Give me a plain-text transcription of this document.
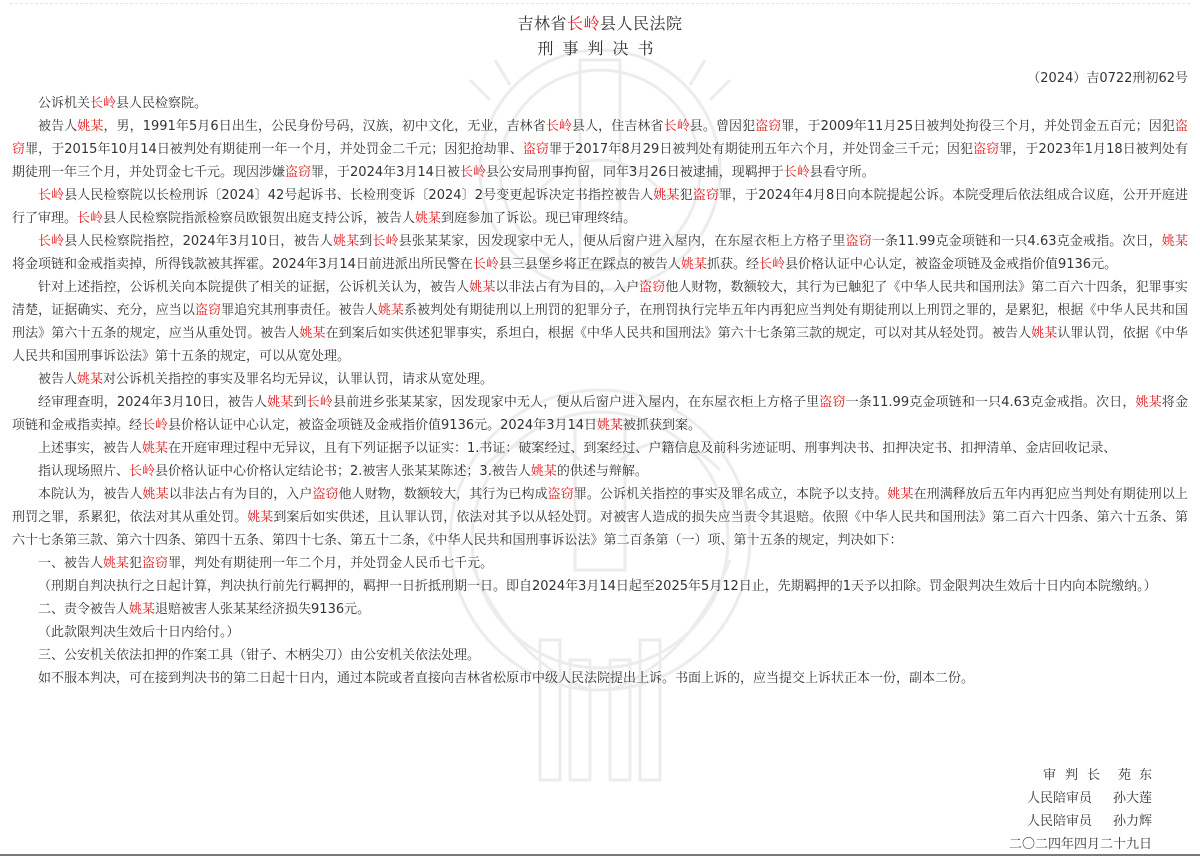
吉林省长岭县人民法院
刑事判决书
（2024）吉0722刑初62号

公诉机关长岭县人民检察院。

被告人姚某，男，1991年5月6日出生，公民身份号码，汉族，初中文化，无业，吉林省长岭县人，住吉林省长岭县。曾因犯盗窃罪，于2009年11月25日被判处拘役三个月，并处罚金五百元；因犯盗窃罪，于2015年10月14日被判处有期徒刑一年一个月，并处罚金二千元；因犯抢劫罪、盗窃罪于2017年8月29日被判处有期徒刑五年六个月，并处罚金三千元；因犯盗窃罪，于2023年1月18日被判处有期徒刑一年三个月，并处罚金七千元。现因涉嫌盗窃罪，于2024年3月14日被长岭县公安局刑事拘留，同年3月26日被逮捕，现羁押于长岭县看守所。

长岭县人民检察院以长检刑诉〔2024〕42号起诉书、长检刑变诉〔2024〕2号变更起诉决定书指控被告人姚某犯盗窃罪，于2024年4月8日向本院提起公诉。本院受理后依法组成合议庭，公开开庭进行了审理。长岭县人民检察院指派检察员欧银贺出庭支持公诉，被告人姚某到庭参加了诉讼。现已审理终结。

长岭县人民检察院指控，2024年3月10日，被告人姚某到长岭县张某某家，因发现家中无人，便从后窗户进入屋内，在东屋衣柜上方格子里盗窃一条11.99克金项链和一只4.63克金戒指。次日，姚某将金项链和金戒指卖掉，所得钱款被其挥霍。2024年3月14日前进派出所民警在长岭县三县堡乡将正在踩点的被告人姚某抓获。经长岭县价格认证中心认定，被盗金项链及金戒指价值9136元。

针对上述指控，公诉机关向本院提供了相关的证据，公诉机关认为，被告人姚某以非法占有为目的，入户盗窃他人财物，数额较大，其行为已触犯了《中华人民共和国刑法》第二百六十四条，犯罪事实清楚，证据确实、充分，应当以盗窃罪追究其刑事责任。被告人姚某系被判处有期徒刑以上刑罚的犯罪分子，在刑罚执行完毕五年内再犯应当判处有期徒刑以上刑罚之罪的，是累犯，根据《中华人民共和国刑法》第六十五条的规定，应当从重处罚。被告人姚某在到案后如实供述犯罪事实，系坦白，根据《中华人民共和国刑法》第六十七条第三款的规定，可以对其从轻处罚。被告人姚某认罪认罚，依据《中华人民共和国刑事诉讼法》第十五条的规定，可以从宽处理。

被告人姚某对公诉机关指控的事实及罪名均无异议，认罪认罚，请求从宽处理。

经审理查明，2024年3月10日，被告人姚某到长岭县前进乡张某某家，因发现家中无人，便从后窗户进入屋内，在东屋衣柜上方格子里盗窃一条11.99克金项链和一只4.63克金戒指。次日，姚某将金项链和金戒指卖掉。经长岭县价格认证中心认定，被盗金项链及金戒指价值9136元。2024年3月14日姚某被抓获到案。

上述事实，被告人姚某在开庭审理过程中无异议，且有下列证据予以证实：1.书证：破案经过、到案经过、户籍信息及前科劣迹证明、刑事判决书、扣押决定书、扣押清单、金店回收记录、

指认现场照片、长岭县价格认证中心价格认定结论书；2.被害人张某某陈述；3.被告人姚某的供述与辩解。

本院认为，被告人姚某以非法占有为目的，入户盗窃他人财物，数额较大，其行为已构成盗窃罪。公诉机关指控的事实及罪名成立，本院予以支持。姚某在刑满释放后五年内再犯应当判处有期徒刑以上刑罚之罪，系累犯，依法对其从重处罚。姚某到案后如实供述，且认罪认罚，依法对其予以从轻处罚。对被害人造成的损失应当责令其退赔。依照《中华人民共和国刑法》第二百六十四条、第六十五条、第六十七条第三款、第六十四条、第四十五条、第四十七条、第五十二条，《中华人民共和国刑事诉讼法》第二百条第（一）项、第十五条的规定，判决如下：

一、被告人姚某犯盗窃罪，判处有期徒刑一年二个月，并处罚金人民币七千元。

（刑期自判决执行之日起计算，判决执行前先行羁押的，羁押一日折抵刑期一日。即自2024年3月14日起至2025年5月12日止，先期羁押的1天予以扣除。罚金限判决生效后十日内向本院缴纳。）

二、责令被告人姚某退赔被害人张某某经济损失9136元。

（此款限判决生效后十日内给付。）

三、公安机关依法扣押的作案工具（钳子、木柄尖刀）由公安机关依法处理。

如不服本判决，可在接到判决书的第二日起十日内，通过本院或者直接向吉林省松原市中级人民法院提出上诉。书面上诉的，应当提交上诉状正本一份，副本二份。

审判长 苑东
人民陪审员	孙大莲
人民陪审员	孙力辉
二〇二四年四月二十九日
